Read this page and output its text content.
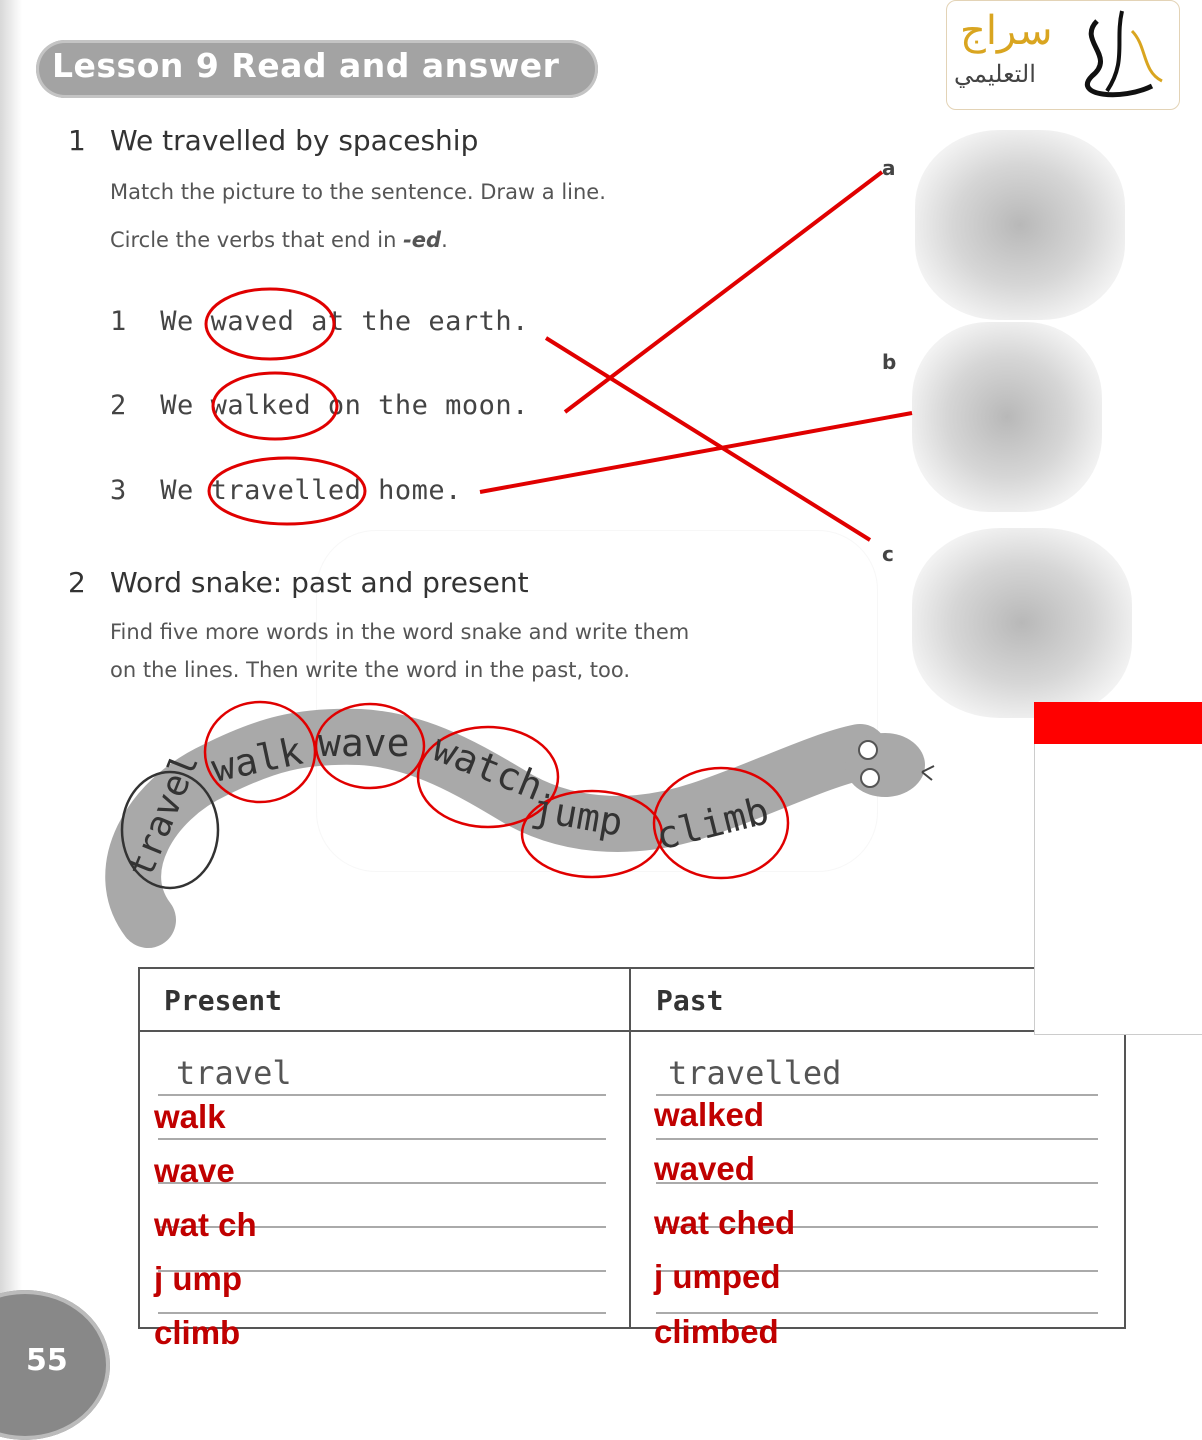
سراج
التعليمي
Lesson 9 Read and answer
1 We travelled by spaceship
Match the picture to the sentence. Draw a line.
Circle the verbs that end in -ed.
1 We waved at the earth.
2 We walked on the moon.
3 We travelled home.
a
b
c
2 Word snake: past and present
Find five more words in the word snake and write them
on the lines. Then write the word in the past, too.
travel walk wave watch
jump climb
Present	Past
travel	travelled
walk
wave
wat ch
j ump
climb
walked
waved
wat ched
j umped
climbed
55
